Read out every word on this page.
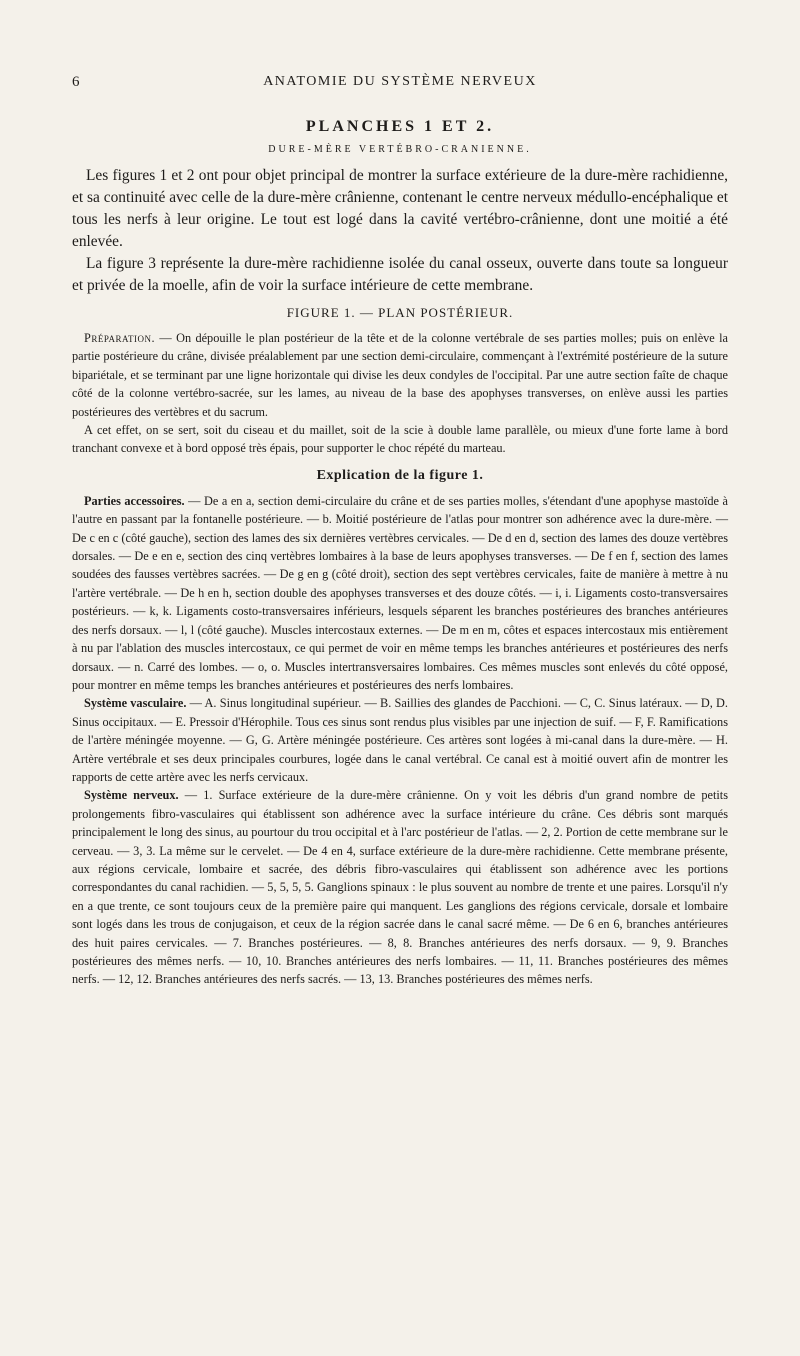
6	ANATOMIE DU SYSTÈME NERVEUX
PLANCHES 1 ET 2.
DURE-MÈRE VERTÉBRO-CRANIENNE.

Les figures 1 et 2 ont pour objet principal de montrer la surface extérieure de la dure-mère rachidienne, et sa continuité avec celle de la dure-mère crânienne, contenant le centre nerveux médullo-encéphalique et tous les nerfs à leur origine. Le tout est logé dans la cavité vertébro-crânienne, dont une moitié a été enlevée.

La figure 3 représente la dure-mère rachidienne isolée du canal osseux, ouverte dans toute sa longueur et privée de la moelle, afin de voir la surface intérieure de cette membrane.

FIGURE 1. — PLAN POSTÉRIEUR.

Préparation. — On dépouille le plan postérieur de la tête et de la colonne vertébrale de ses parties molles; puis on enlève la partie postérieure du crâne, divisée préalablement par une section demi-circulaire, commençant à l'extrémité postérieure de la suture bipariétale, et se terminant par une ligne horizontale qui divise les deux condyles de l'occipital. Par une autre section faîte de chaque côté de la colonne vertébro-sacrée, sur les lames, au niveau de la base des apophyses transverses, on enlève aussi les parties postérieures des vertèbres et du sacrum.

A cet effet, on se sert, soit du ciseau et du maillet, soit de la scie à double lame parallèle, ou mieux d'une forte lame à bord tranchant convexe et à bord opposé très épais, pour supporter le choc répété du marteau.

Explication de la figure 1.

Parties accessoires. — De a en a, section demi-circulaire du crâne et de ses parties molles, s'étendant d'une apophyse mastoïde à l'autre en passant par la fontanelle postérieure. — b. Moitié postérieure de l'atlas pour montrer son adhérence avec la dure-mère. — De c en c (côté gauche), section des lames des six dernières vertèbres cervicales. — De d en d, section des lames des douze vertèbres dorsales. — De e en e, section des cinq vertèbres lombaires à la base de leurs apophyses transverses. — De f en f, section des lames soudées des fausses vertèbres sacrées. — De g en g (côté droit), section des sept vertèbres cervicales, faite de manière à mettre à nu l'artère vertébrale. — De h en h, section double des apophyses transverses et des douze côtés. — i, i. Ligaments costo-transversaires postérieurs. — k, k. Ligaments costo-transversaires inférieurs, lesquels séparent les branches postérieures des branches antérieures des nerfs dorsaux. — l, l (côté gauche). Muscles intercostaux externes. — De m en m, côtes et espaces intercostaux mis entièrement à nu par l'ablation des muscles intercostaux, ce qui permet de voir en même temps les branches antérieures et postérieures des nerfs dorsaux. — n. Carré des lombes. — o, o. Muscles intertransversaires lombaires. Ces mêmes muscles sont enlevés du côté opposé, pour montrer en même temps les branches antérieures et postérieures des nerfs lombaires.

Système vasculaire. — A. Sinus longitudinal supérieur. — B. Saillies des glandes de Pacchioni. — C, C. Sinus latéraux. — D, D. Sinus occipitaux. — E. Pressoir d'Hérophile. Tous ces sinus sont rendus plus visibles par une injection de suif. — F, F. Ramifications de l'artère méningée moyenne. — G, G. Artère méningée postérieure. Ces artères sont logées à mi-canal dans la dure-mère. — H. Artère vertébrale et ses deux principales courbures, logée dans le canal vertébral. Ce canal est à moitié ouvert afin de montrer les rapports de cette artère avec les nerfs cervicaux.

Système nerveux. — 1. Surface extérieure de la dure-mère crânienne. On y voit les débris d'un grand nombre de petits prolongements fibro-vasculaires qui établissent son adhérence avec la surface intérieure du crâne. Ces débris sont marqués principalement le long des sinus, au pourtour du trou occipital et à l'arc postérieur de l'atlas. — 2, 2. Portion de cette membrane sur le cerveau. — 3, 3. La même sur le cervelet. — De 4 en 4, surface extérieure de la dure-mère rachidienne. Cette membrane présente, aux régions cervicale, lombaire et sacrée, des débris fibro-vasculaires qui établissent son adhérence avec les portions correspondantes du canal rachidien. — 5, 5, 5, 5. Ganglions spinaux : le plus souvent au nombre de trente et une paires. Lorsqu'il n'y en a que trente, ce sont toujours ceux de la première paire qui manquent. Les ganglions des régions cervicale, dorsale et lombaire sont logés dans les trous de conjugaison, et ceux de la région sacrée dans le canal sacré même. — De 6 en 6, branches antérieures des huit paires cervicales. — 7. Branches postérieures. — 8, 8. Branches antérieures des nerfs dorsaux. — 9, 9. Branches postérieures des mêmes nerfs. — 10, 10. Branches antérieures des nerfs lombaires. — 11, 11. Branches postérieures des mêmes nerfs. — 12, 12. Branches antérieures des nerfs sacrés. — 13, 13. Branches postérieures des mêmes nerfs.
